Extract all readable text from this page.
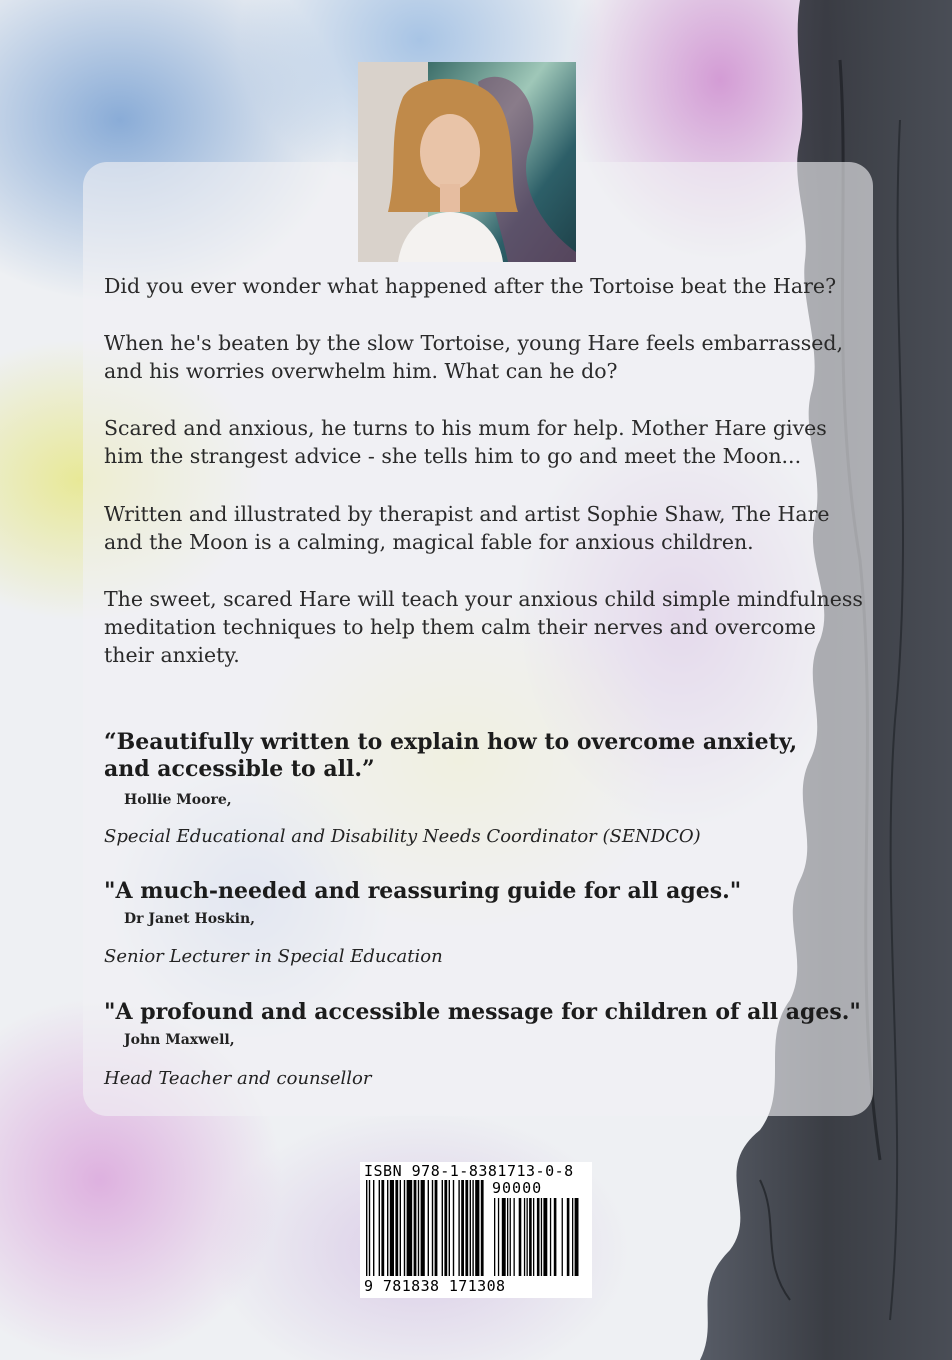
Did you ever wonder what happened after the Tortoise beat the Hare?

When he's beaten by the slow Tortoise, young Hare feels embarrassed, and his worries overwhelm him. What can he do?

Scared and anxious, he turns to his mum for help. Mother Hare gives him the strangest advice - she tells him to go and meet the Moon...

Written and illustrated by therapist and artist Sophie Shaw, The Hare and the Moon is a calming, magical fable for anxious children.

The sweet, scared Hare will teach your anxious child simple mindfulness meditation techniques to help them calm their nerves and overcome their anxiety.

“Beautifully written to explain how to overcome anxiety,
and accessible to all.”

Hollie Moore,

Special Educational and Disability Needs Coordinator (SENDCO)

"A much-needed and reassuring guide for all ages."

Dr Janet Hoskin,

Senior Lecturer in Special Education

"A profound and accessible message for children of all ages."

John Maxwell,

Head Teacher and counsellor

ISBN 978-1-8381713-0-8
90000
9 781838 171308
